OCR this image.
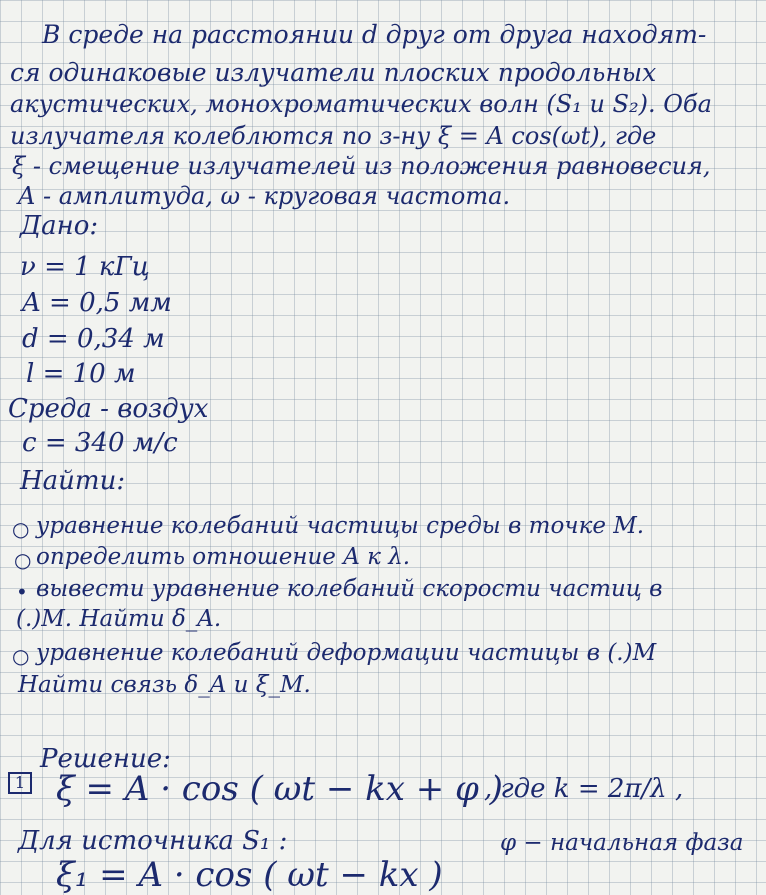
В среде на расстоянии d друг от друга находят-
ся одинаковые излучатели плоских продольных
акустических, монохроматических волн (S₁ и S₂). Оба
излучателя колеблются по з-ну ξ = A cos(ωt), где
ξ - смещение излучателей из положения равновесия,
A - амплитуда, ω - круговая частота.
Дано:
ν = 1 кГц
A = 0,5 мм
d = 0,34 м
l = 10 м
Среда - воздух
c = 340 м/с
Найти:
○ уравнение колебаний частицы среды в точке M.
○ определить отношение A к λ.
• вывести уравнение колебаний скорости частиц в
(.)M. Найти δ_A.
○ уравнение колебаний деформации частицы в (.)M
Найти связь δ_A и ξ_M.
Решение:
1 ξ = A · cos ( ωt − kx + φ )
, где k = 2π/λ ,
Для источника S₁ :	φ − начальная фаза
ξ₁ = A · cos ( ωt − kx )
